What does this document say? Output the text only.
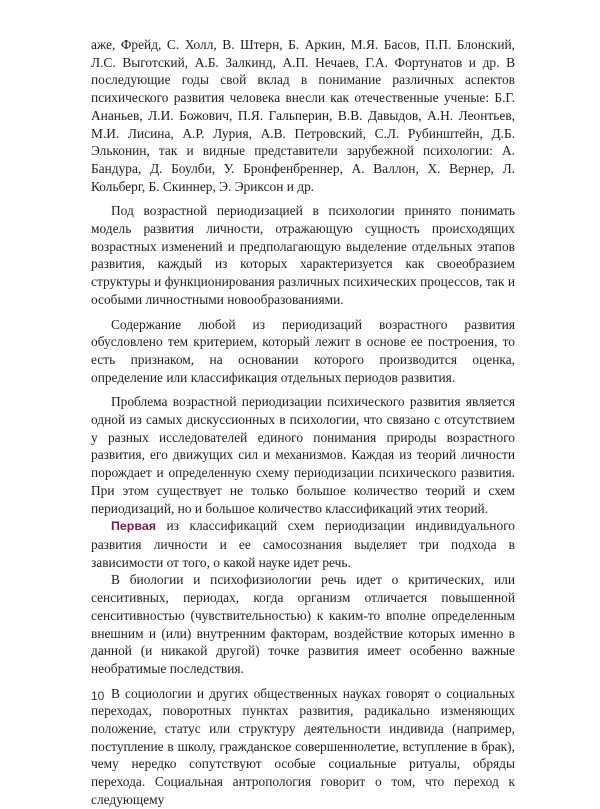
аже, Фрейд, С. Холл, В. Штерн, Б. Аркин, М.Я. Басов, П.П. Блонский, Л.С. Выготский, А.Б. Залкинд, А.П. Нечаев, Г.А. Фортунатов и др. В последующие годы свой вклад в понимание различных аспектов психического развития человека внесли как отечественные ученые: Б.Г. Ананьев, Л.И. Божович, П.Я. Гальперин, В.В. Давыдов, А.Н. Леонтьев, М.И. Лисина, А.Р. Лурия, А.В. Петровский, С.Л. Рубинштейн, Д.Б. Эльконин, так и видные представители зарубежной психологии: А. Бандура, Д. Боулби, У. Бронфенбреннер, А. Валлон, Х. Вернер, Л. Кольберг, Б. Скиннер, Э. Эриксон и др.

Под возрастной периодизацией в психологии принято понимать модель развития личности, отражающую сущность происходящих возрастных изменений и предполагающую выделение отдельных этапов развития, каждый из которых характеризуется как своеобразием структуры и функционирования различных психических процессов, так и особыми личностными новообразованиями.

Содержание любой из периодизаций возрастного развития обусловлено тем критерием, который лежит в основе ее построения, то есть признаком, на основании которого производится оценка, определение или классификация отдельных периодов развития.

Проблема возрастной периодизации психического развития является одной из самых дискуссионных в психологии, что связано с отсутствием у разных исследователей единого понимания природы возрастного развития, его движущих сил и механизмов. Каждая из теорий личности порождает и определенную схему периодизации психического развития. При этом существует не только большое количество теорий и схем периодизаций, но и большое количество классификаций этих теорий.

Первая из классификаций схем периодизации индивидуального развития личности и ее самосознания выделяет три подхода в зависимости от того, о какой науке идет речь.

В биологии и психофизиологии речь идет о критических, или сенситивных, периодах, когда организм отличается повышенной сенситивностью (чувствительностью) к каким-то вполне определенным внешним и (или) внутренним факторам, воздействие которых именно в данной (и никакой другой) точке развития имеет особенно важные необратимые последствия.

В социологии и других общественных науках говорят о социальных переходах, поворотных пунктах развития, радикально изменяющих положение, статус или структуру деятельности индивида (например, поступление в школу, гражданское совершеннолетие, вступление в брак), чему нередко сопутствуют особые социальные ритуалы, обряды перехода. Социальная антропология говорит о том, что переход к следующему

10
